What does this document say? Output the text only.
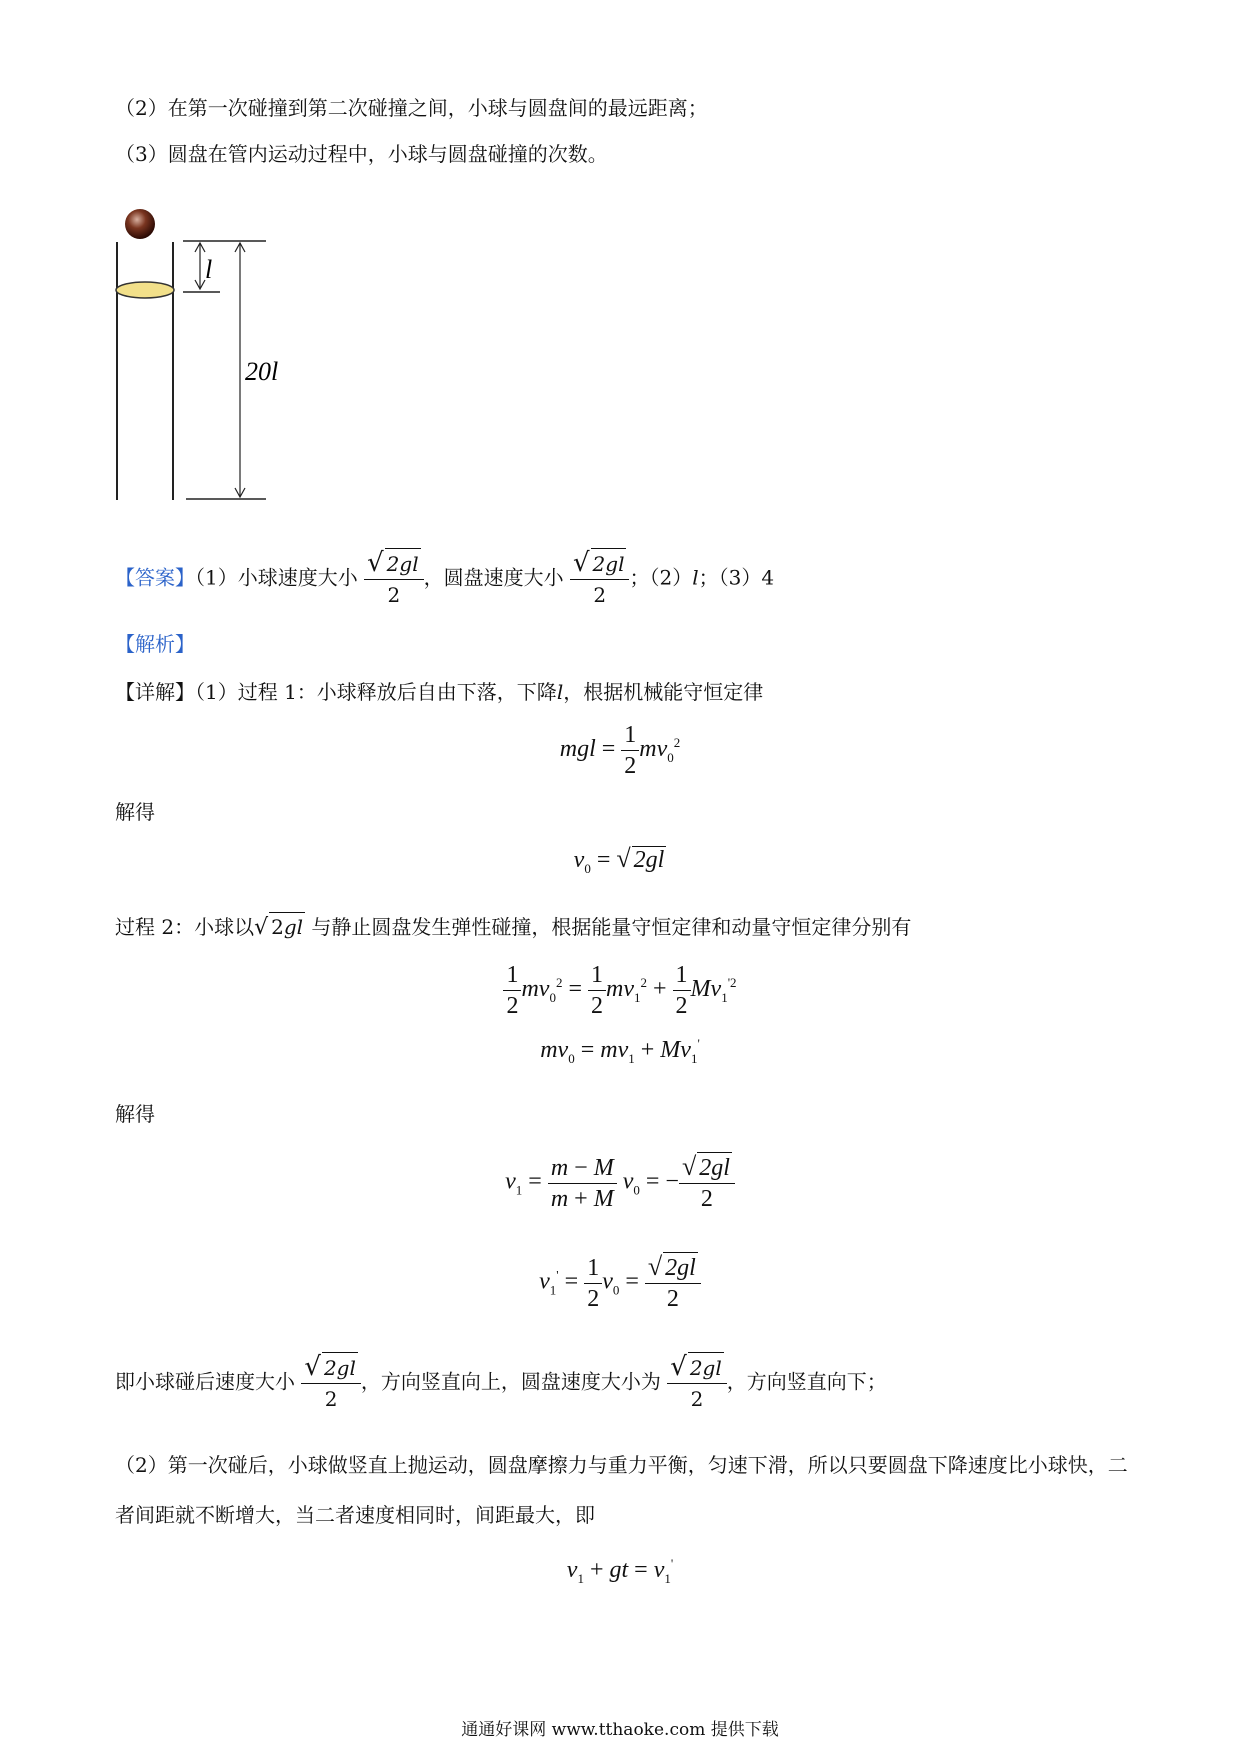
（2）在第一次碰撞到第二次碰撞之间，小球与圆盘间的最远距离；
（3）圆盘在管内运动过程中，小球与圆盘碰撞的次数。
l
20l
【答案】（1）小球速度大小 $\frac{√ 2gl}{2}$ ，圆盘速度大小 $\frac{√ 2gl}{2}$ ；（2）l；（3）4
【解析】
【详解】（1）过程 1：小球释放后自由下落，下降l，根据机械能守恒定律
mgl = $\frac{1}{2} mv_0^2$
解得
$v_0$ = √ 2gl
过程 2：小球以√ 2gl 与静止圆盘发生弹性碰撞，根据能量守恒定律和动量守恒定律分别有
$\frac{1}{2} mv_0^2 = \frac{1}{2} mv_1^2 + \frac{1}{2} Mv_1^{'2}$
$mv_0 = mv_1 + Mv_1'$
解得
$v_1 = \frac{m - M}{m + M} v_0$ = − $\frac{√ 2gl}{2}$
$v_1' = \frac{1}{2} v_0 = \frac{√ 2gl}{2}$
即小球碰后速度大小 $\frac{√ 2gl}{2}$ ，方向竖直向上，圆盘速度大小为 $\frac{√ 2gl}{2}$ ，方向竖直向下；
（2）第一次碰后，小球做竖直上抛运动，圆盘摩擦力与重力平衡，匀速下滑，所以只要圆盘下降速度比小球快，二者间距就不断增大，当二者速度相同时，间距最大，即
$v_1$ + gt = $v_1'$
通通好课网 www.tthaoke.com 提供下载
